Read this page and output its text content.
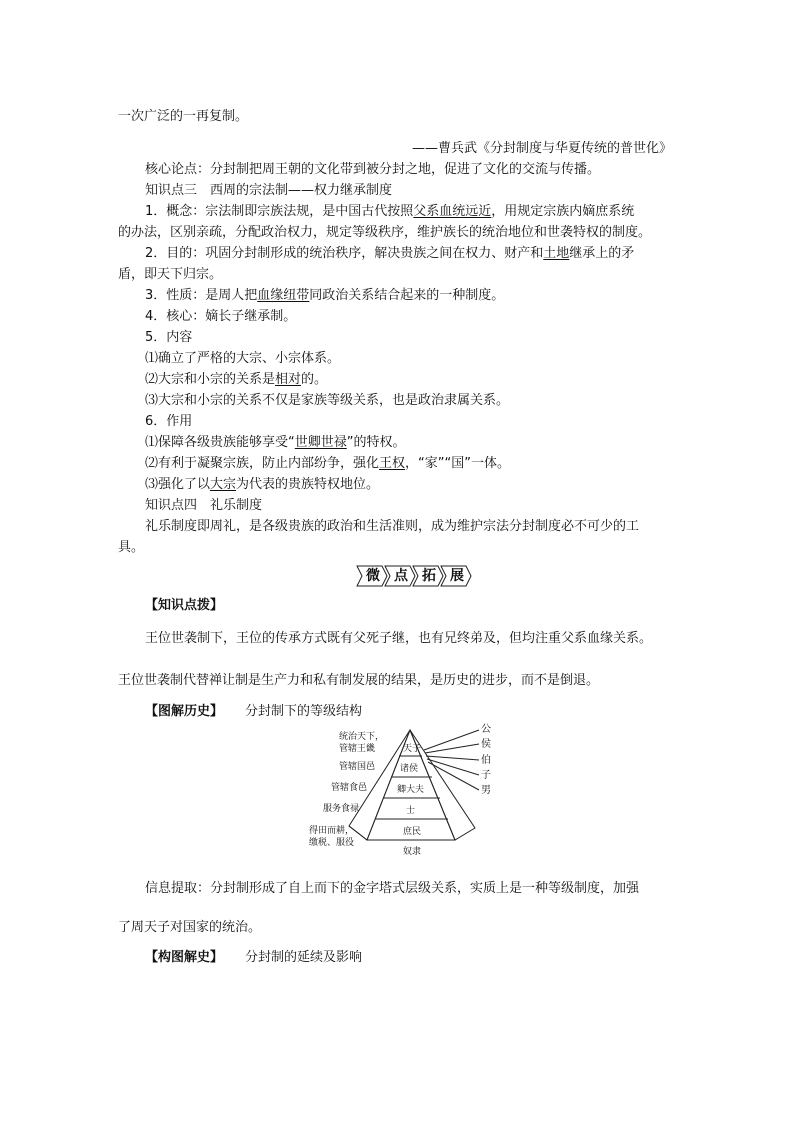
一次广泛的一再复制。
——曹兵武《分封制度与华夏传统的普世化》
核心论点：分封制把周王朝的文化带到被分封之地，促进了文化的交流与传播。
知识点三　西周的宗法制——权力继承制度
1．概念：宗法制即宗族法规，是中国古代按照父系血统远近，用规定宗族内嫡庶系统
的办法，区别亲疏，分配政治权力，规定等级秩序，维护族长的统治地位和世袭特权的制度。
2．目的：巩固分封制形成的统治秩序，解决贵族之间在权力、财产和土地继承上的矛
盾，即天下归宗。
3．性质：是周人把血缘纽带同政治关系结合起来的一种制度。
4．核心：嫡长子继承制。
5．内容
⑴确立了严格的大宗、小宗体系。
⑵大宗和小宗的关系是相对的。
⑶大宗和小宗的关系不仅是家族等级关系，也是政治隶属关系。
6．作用
⑴保障各级贵族能够享受“世卿世禄”的特权。
⑵有利于凝聚宗族，防止内部纷争，强化王权，“家”“国”一体。
⑶强化了以大宗为代表的贵族特权地位。
知识点四　礼乐制度
礼乐制度即周礼，是各级贵族的政治和生活准则，成为维护宗法分封制度必不可少的工
具。
微	点	拓	展
【知识点拨】
王位世袭制下，王位的传承方式既有父死子继，也有兄终弟及，但均注重父系血缘关系。
王位世袭制代替禅让制是生产力和私有制发展的结果，是历史的进步，而不是倒退。
【图解历史】 分封制下的等级结构
天子
诸侯
卿大夫
士
庶民
奴隶
统治天下，
管辖王畿
管辖国邑
管辖食邑
服务食禄
得田而耕，
缴税、服役
公
侯
伯
子
男
信息提取：分封制形成了自上而下的金字塔式层级关系，实质上是一种等级制度，加强
了周天子对国家的统治。
【构图解史】 分封制的延续及影响
